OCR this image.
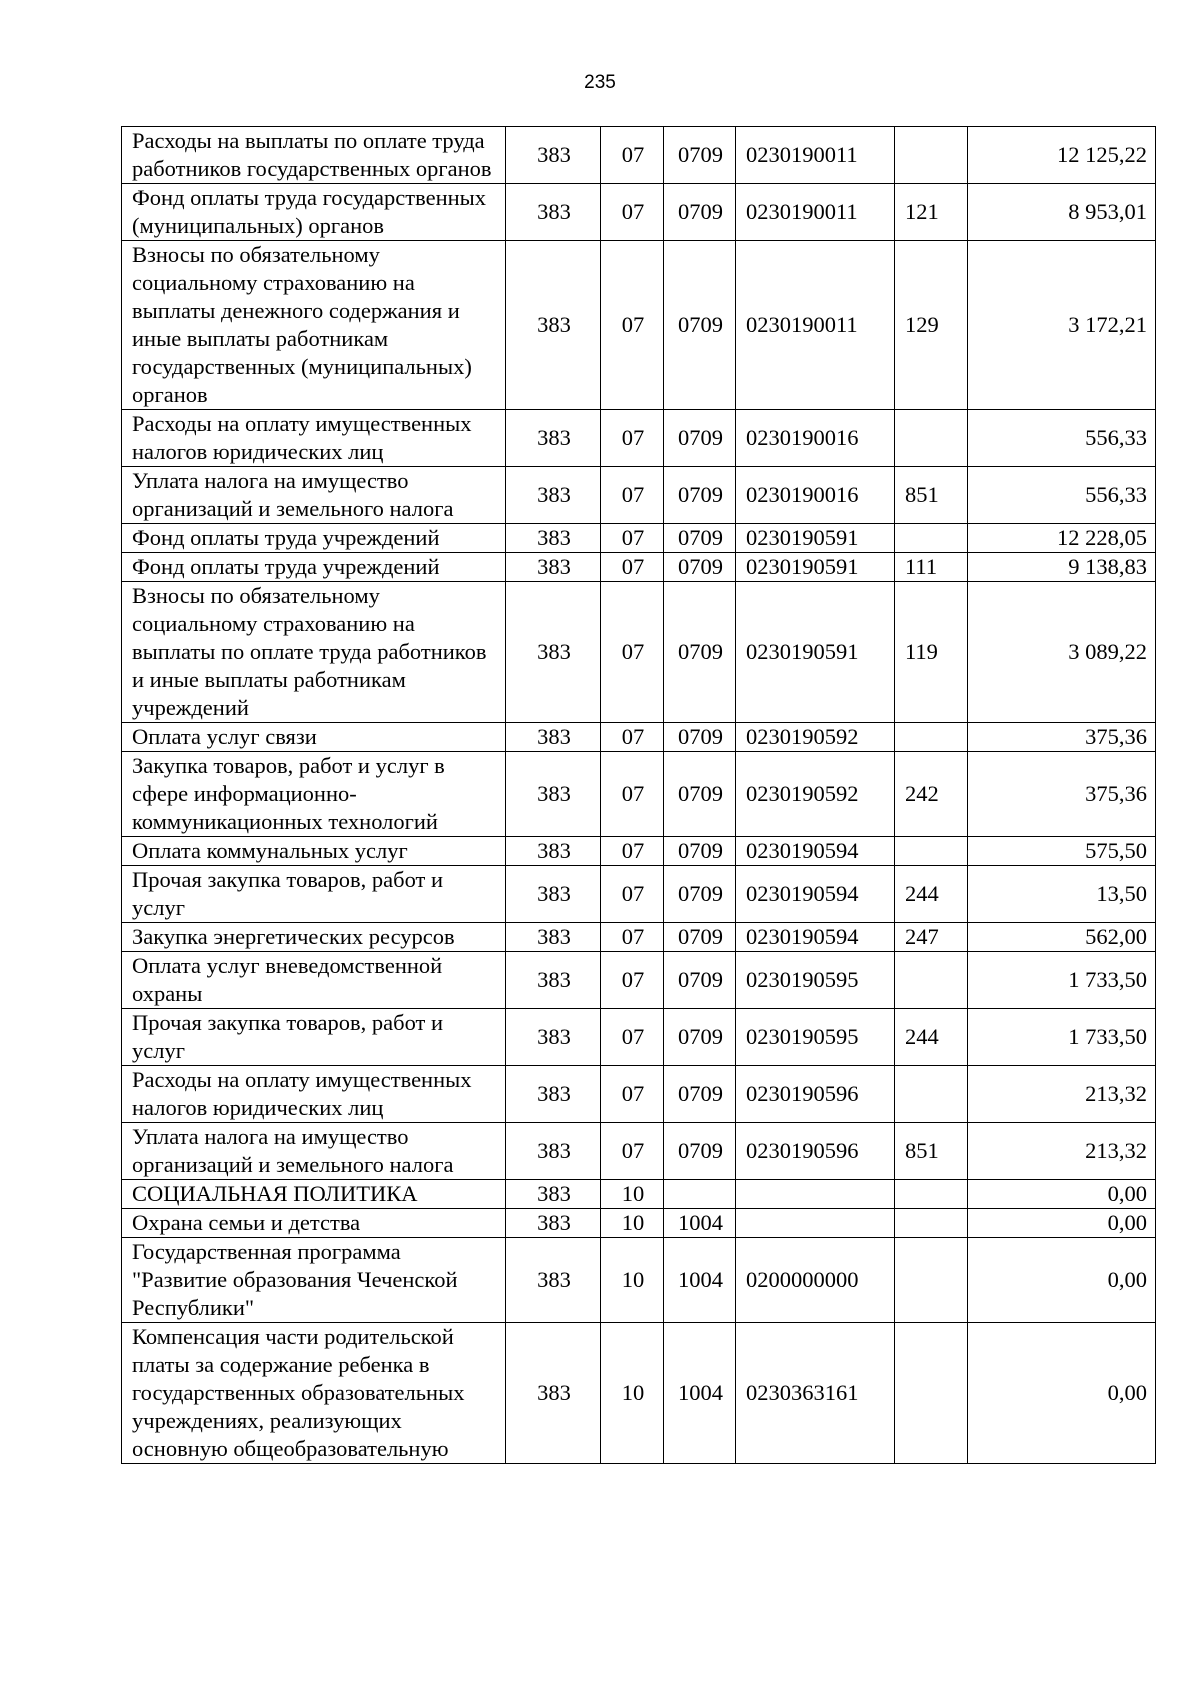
235
Расходы на выплаты по оплате труда работников государственных органов	383	07	0709	0230190011		12 125,22
Фонд оплаты труда государственных (муниципальных) органов	383	07	0709	0230190011	121	8 953,01
Взносы по обязательному социальному страхованию на выплаты денежного содержания и иные выплаты работникам государственных (муниципальных) органов	383	07	0709	0230190011	129	3 172,21
Расходы на оплату имущественных налогов юридических лиц	383	07	0709	0230190016		556,33
Уплата налога на имущество организаций и земельного налога	383	07	0709	0230190016	851	556,33
Фонд оплаты труда учреждений	383	07	0709	0230190591		12 228,05
Фонд оплаты труда учреждений	383	07	0709	0230190591	111	9 138,83
Взносы по обязательному социальному страхованию на выплаты по оплате труда работников и иные выплаты работникам учреждений	383	07	0709	0230190591	119	3 089,22
Оплата услуг связи	383	07	0709	0230190592		375,36
Закупка товаров, работ и услуг в сфере информационно-коммуникационных технологий	383	07	0709	0230190592	242	375,36
Оплата коммунальных услуг	383	07	0709	0230190594		575,50
Прочая закупка товаров, работ и услуг	383	07	0709	0230190594	244	13,50
Закупка энергетических ресурсов	383	07	0709	0230190594	247	562,00
Оплата услуг вневедомственной охраны	383	07	0709	0230190595		1 733,50
Прочая закупка товаров, работ и услуг	383	07	0709	0230190595	244	1 733,50
Расходы на оплату имущественных налогов юридических лиц	383	07	0709	0230190596		213,32
Уплата налога на имущество организаций и земельного налога	383	07	0709	0230190596	851	213,32
СОЦИАЛЬНАЯ ПОЛИТИКА	383	10				0,00
Охрана семьи и детства	383	10	1004			0,00
Государственная программа "Развитие образования Чеченской Республики"	383	10	1004	0200000000		0,00
Компенсация части родительской платы за содержание ребенка в государственных образовательных учреждениях, реализующих основную общеобразовательную	383	10	1004	0230363161		0,00
